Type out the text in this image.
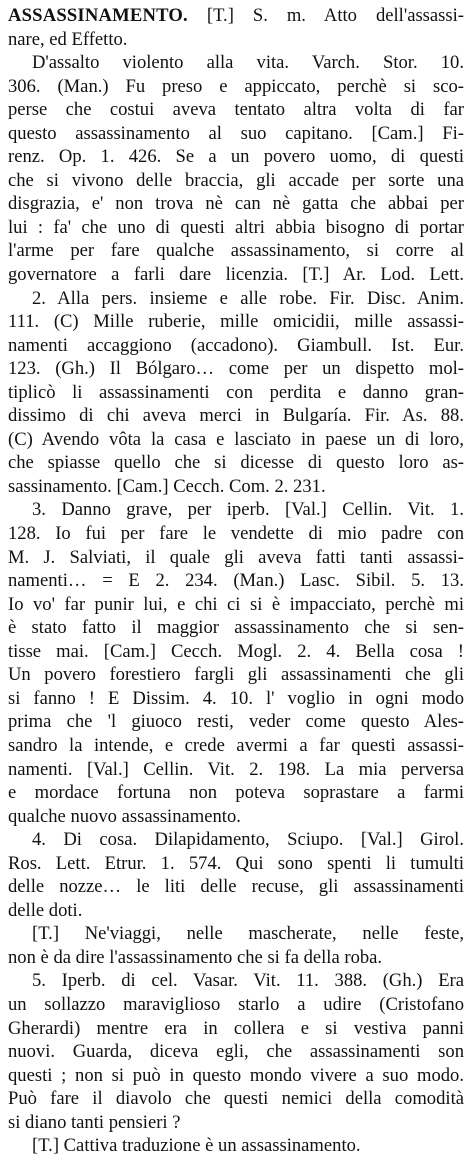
ASSASSINAMENTO. [T.] S. m. Atto dell'assassi-
nare, ed Effetto.
D'assalto violento alla vita. Varch. Stor. 10.
306. (Man.) Fu preso e appiccato, perchè si sco-
perse che costui aveva tentato altra volta di far
questo assassinamento al suo capitano. [Cam.] Fi-
renz. Op. 1. 426. Se a un povero uomo, di questi
che si vivono delle braccia, gli accade per sorte una
disgrazia, e' non trova nè can nè gatta che abbai per
lui : fa' che uno di questi altri abbia bisogno di portar
l'arme per fare qualche assassinamento, si corre al
governatore a farli dare licenzia. [T.] Ar. Lod. Lett.
2. Alla pers. insieme e alle robe. Fir. Disc. Anim.
111. (C) Mille ruberie, mille omicidii, mille assassi-
namenti accaggiono (accadono). Giambull. Ist. Eur.
123. (Gh.) Il Bólgaro… come per un dispetto mol-
tiplicò li assassinamenti con perdita e danno gran-
dissimo di chi aveva merci in Bulgaría. Fir. As. 88.
(C) Avendo vôta la casa e lasciato in paese un di loro,
che spiasse quello che si dicesse di questo loro as-
sassinamento. [Cam.] Cecch. Com. 2. 231.
3. Danno grave, per iperb. [Val.] Cellin. Vit. 1.
128. Io fui per fare le vendette di mio padre con
M. J. Salviati, il quale gli aveva fatti tanti assassi-
namenti… = E 2. 234. (Man.) Lasc. Sibil. 5. 13.
Io vo' far punir lui, e chi ci si è impacciato, perchè mi
è stato fatto il maggior assassinamento che si sen-
tisse mai. [Cam.] Cecch. Mogl. 2. 4. Bella cosa !
Un povero forestiero fargli gli assassinamenti che gli
si fanno ! E Dissim. 4. 10. l' voglio in ogni modo
prima che 'l giuoco resti, veder come questo Ales-
sandro la intende, e crede avermi a far questi assassi-
namenti. [Val.] Cellin. Vit. 2. 198. La mia perversa
e mordace fortuna non poteva soprastare a farmi
qualche nuovo assassinamento.
4. Di cosa. Dilapidamento, Sciupo. [Val.] Girol.
Ros. Lett. Etrur. 1. 574. Qui sono spenti li tumulti
delle nozze… le liti delle recuse, gli assassinamenti
delle doti.
[T.] Ne'viaggi, nelle mascherate, nelle feste,
non è da dire l'assassinamento che si fa della roba.
5. Iperb. di cel. Vasar. Vit. 11. 388. (Gh.) Era
un sollazzo maraviglioso starlo a udire (Cristofano
Gherardi) mentre era in collera e si vestiva panni
nuovi. Guarda, diceva egli, che assassinamenti son
questi ; non si può in questo mondo vivere a suo modo.
Può fare il diavolo che questi nemici della comodità
si diano tanti pensieri ?
[T.] Cattiva traduzione è un assassinamento.
